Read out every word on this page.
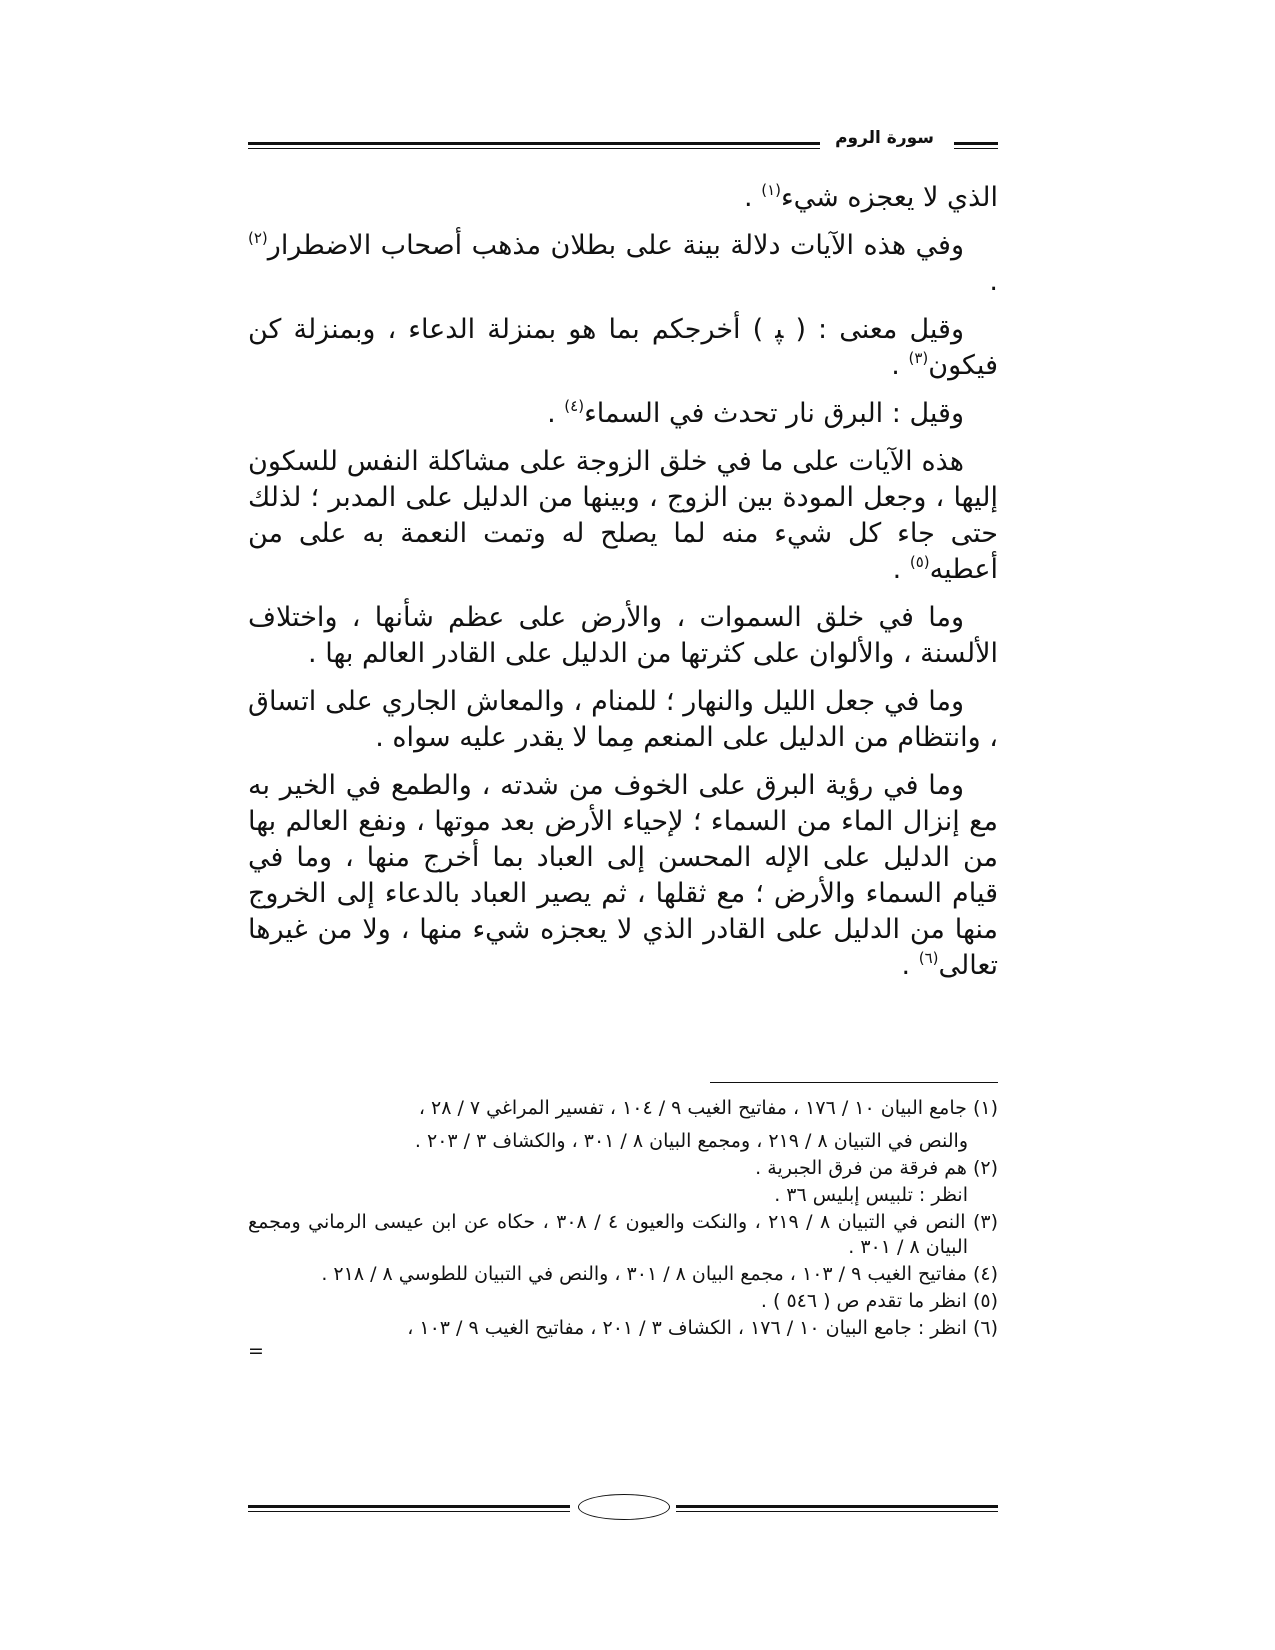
سورة الروم

الذي لا يعجزه شيء$^{(١)}$ .

وفي هذه الآيات دلالة بينة على بطلان مذهب أصحاب الاضطرار$^{(٢)}$ .

وقيل معنى : ( ﭙ ) أخرجكم بما هو بمنزلة الدعاء ، وبمنزلة كن فيكون$^{(٣)}$ .

وقيل : البرق نار تحدث في السماء$^{(٤)}$ .

هذه الآيات على ما في خلق الزوجة على مشاكلة النفس للسكون إليها ، وجعل المودة بين الزوج ، وبينها من الدليل على المدبر ؛ لذلك حتى جاء كل شيء منه لما يصلح له وتمت النعمة به على من أعطيه$^{(٥)}$ .

وما في خلق السموات ، والأرض على عظم شأنها ، واختلاف الألسنة ، والألوان على كثرتها من الدليل على القادر العالم بها .

وما في جعل الليل والنهار ؛ للمنام ، والمعاش الجاري على اتساق ، وانتظام من الدليل على المنعم مِما لا يقدر عليه سواه .

وما في رؤية البرق على الخوف من شدته ، والطمع في الخير به مع إنزال الماء من السماء ؛ لإحياء الأرض بعد موتها ، ونفع العالم بها من الدليل على الإله المحسن إلى العباد بما أخرج منها ، وما في قيام السماء والأرض ؛ مع ثقلها ، ثم يصير العباد بالدعاء إلى الخروج منها من الدليل على القادر الذي لا يعجزه شيء منها ، ولا من غيرها تعالى$^{(٦)}$ .

(١) جامع البيان ١٠ / ١٧٦ ، مفاتيح الغيب ٩ / ١٠٤ ، تفسير المراغي ٧ / ٢٨ ،

والنص في التبيان ٨ / ٢١٩ ، ومجمع البيان ٨ / ٣٠١ ، والكشاف ٣ / ٢٠٣ .

(٢) هم فرقة من فرق الجبرية .

انظر : تلبيس إبليس ٣٦ .

(٣) النص في التبيان ٨ / ٢١٩ ، والنكت والعيون ٤ / ٣٠٨ ، حكاه عن ابن عيسى الرماني ومجمع البيان ٨ / ٣٠١ .

(٤) مفاتيح الغيب ٩ / ١٠٣ ، مجمع البيان ٨ / ٣٠١ ، والنص في التبيان للطوسي ٨ / ٢١٨ .

(٥) انظر ما تقدم ص ( ٥٤٦ ) .

(٦) انظر : جامع البيان ١٠ / ١٧٦ ، الكشاف ٣ / ٢٠١ ، مفاتيح الغيب ٩ / ١٠٣ ،

=
